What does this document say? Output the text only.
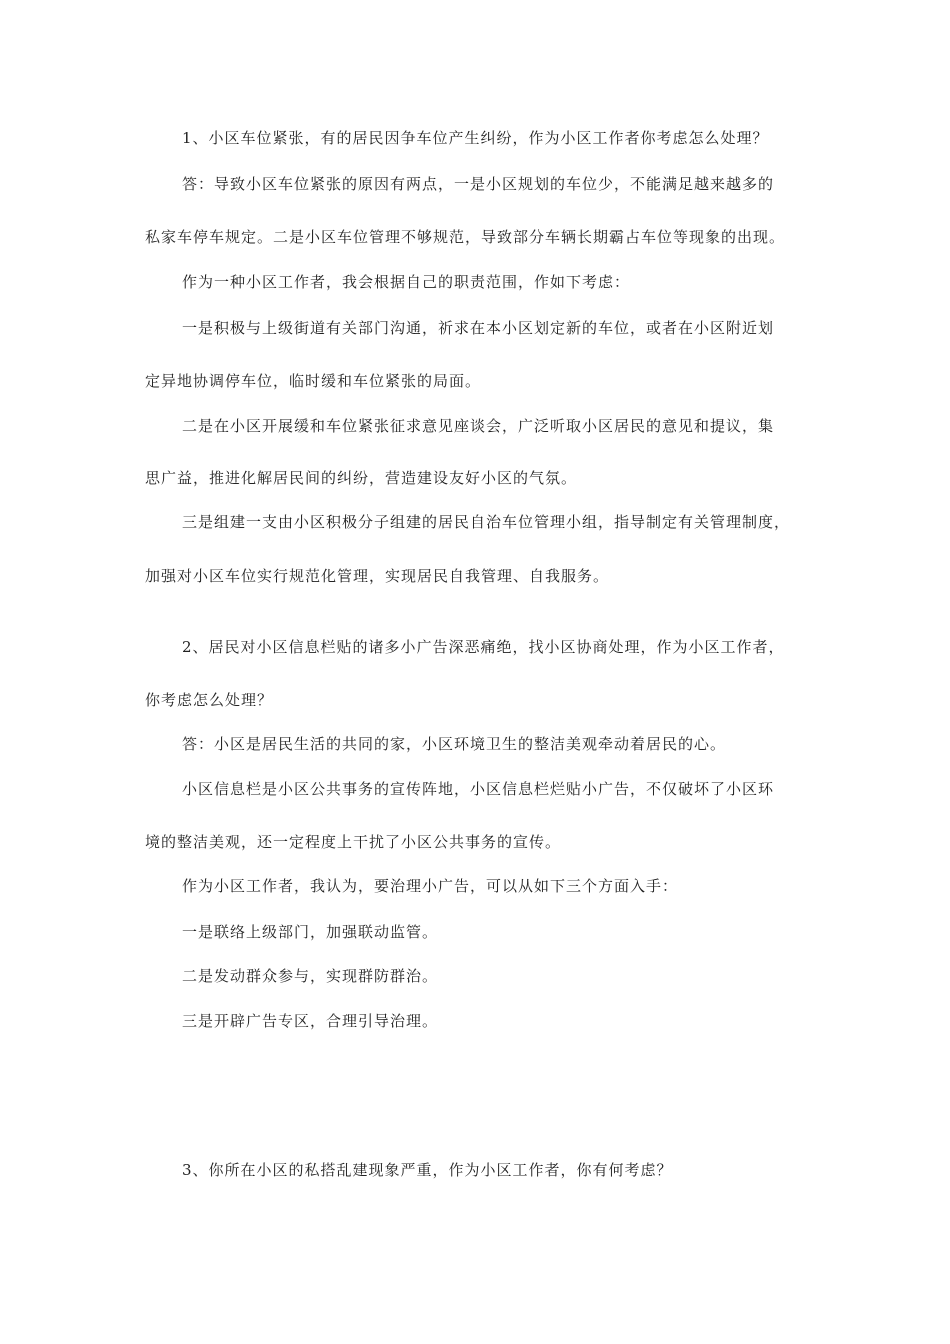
1、小区车位紧张，有的居民因争车位产生纠纷，作为小区工作者你考虑怎么处理？
答：导致小区车位紧张的原因有两点，一是小区规划的车位少，不能满足越来越多的
私家车停车规定。二是小区车位管理不够规范，导致部分车辆长期霸占车位等现象的出现。
作为一种小区工作者，我会根据自己的职责范围，作如下考虑：
一是积极与上级街道有关部门沟通，祈求在本小区划定新的车位，或者在小区附近划
定异地协调停车位，临时缓和车位紧张的局面。
二是在小区开展缓和车位紧张征求意见座谈会，广泛听取小区居民的意见和提议，集
思广益，推进化解居民间的纠纷，营造建设友好小区的气氛。
三是组建一支由小区积极分子组建的居民自治车位管理小组，指导制定有关管理制度，
加强对小区车位实行规范化管理，实现居民自我管理、自我服务。
2、居民对小区信息栏贴的诸多小广告深恶痛绝，找小区协商处理，作为小区工作者，
你考虑怎么处理？
答：小区是居民生活的共同的家，小区环境卫生的整洁美观牵动着居民的心。
小区信息栏是小区公共事务的宣传阵地，小区信息栏烂贴小广告，不仅破坏了小区环
境的整洁美观，还一定程度上干扰了小区公共事务的宣传。
作为小区工作者，我认为，要治理小广告，可以从如下三个方面入手：
一是联络上级部门，加强联动监管。
二是发动群众参与，实现群防群治。
三是开辟广告专区，合理引导治理。
3、你所在小区的私搭乱建现象严重，作为小区工作者，你有何考虑？
